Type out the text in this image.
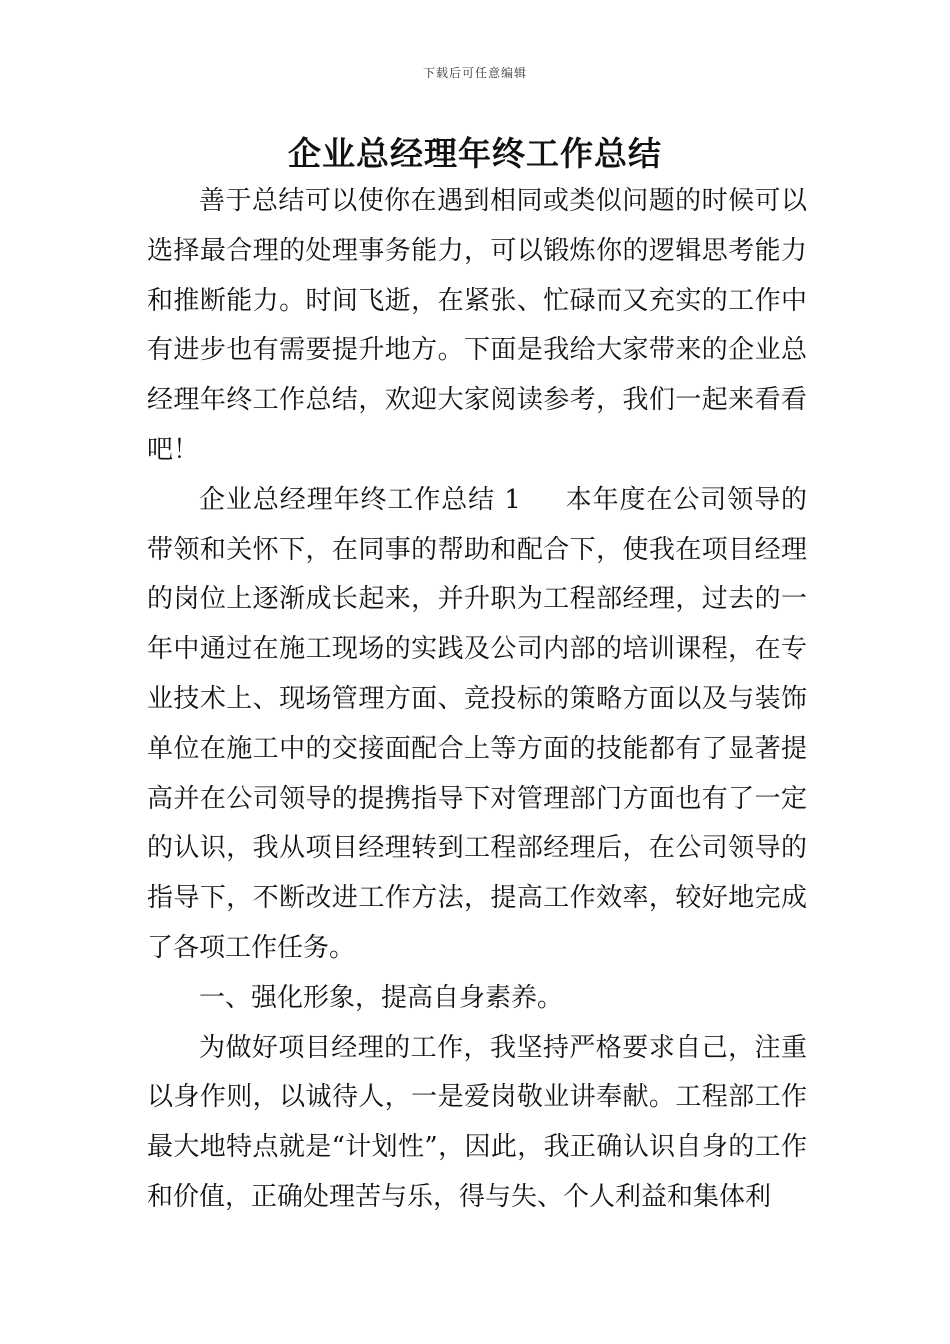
下载后可任意编辑
企业总经理年终工作总结

善于总结可以使你在遇到相同或类似问题的时候可以选择最合理的处理事务能力，可以锻炼你的逻辑思考能力和推断能力。时间飞逝，在紧张、忙碌而又充实的工作中有进步也有需要提升地方。下面是我给大家带来的企业总经理年终工作总结，欢迎大家阅读参考，我们一起来看看吧！

企业总经理年终工作总结 1 本年度在公司领导的带领和关怀下，在同事的帮助和配合下，使我在项目经理的岗位上逐渐成长起来，并升职为工程部经理，过去的一年中通过在施工现场的实践及公司内部的培训课程，在专业技术上、现场管理方面、竞投标的策略方面以及与装饰单位在施工中的交接面配合上等方面的技能都有了显著提高并在公司领导的提携指导下对管理部门方面也有了一定的认识，我从项目经理转到工程部经理后，在公司领导的指导下，不断改进工作方法，提高工作效率，较好地完成了各项工作任务。

一、强化形象，提高自身素养。

为做好项目经理的工作，我坚持严格要求自己，注重以身作则，以诚待人，一是爱岗敬业讲奉献。工程部工作最大地特点就是“计划性”，因此，我正确认识自身的工作和价值，正确处理苦与乐，得与失、个人利益和集体利
